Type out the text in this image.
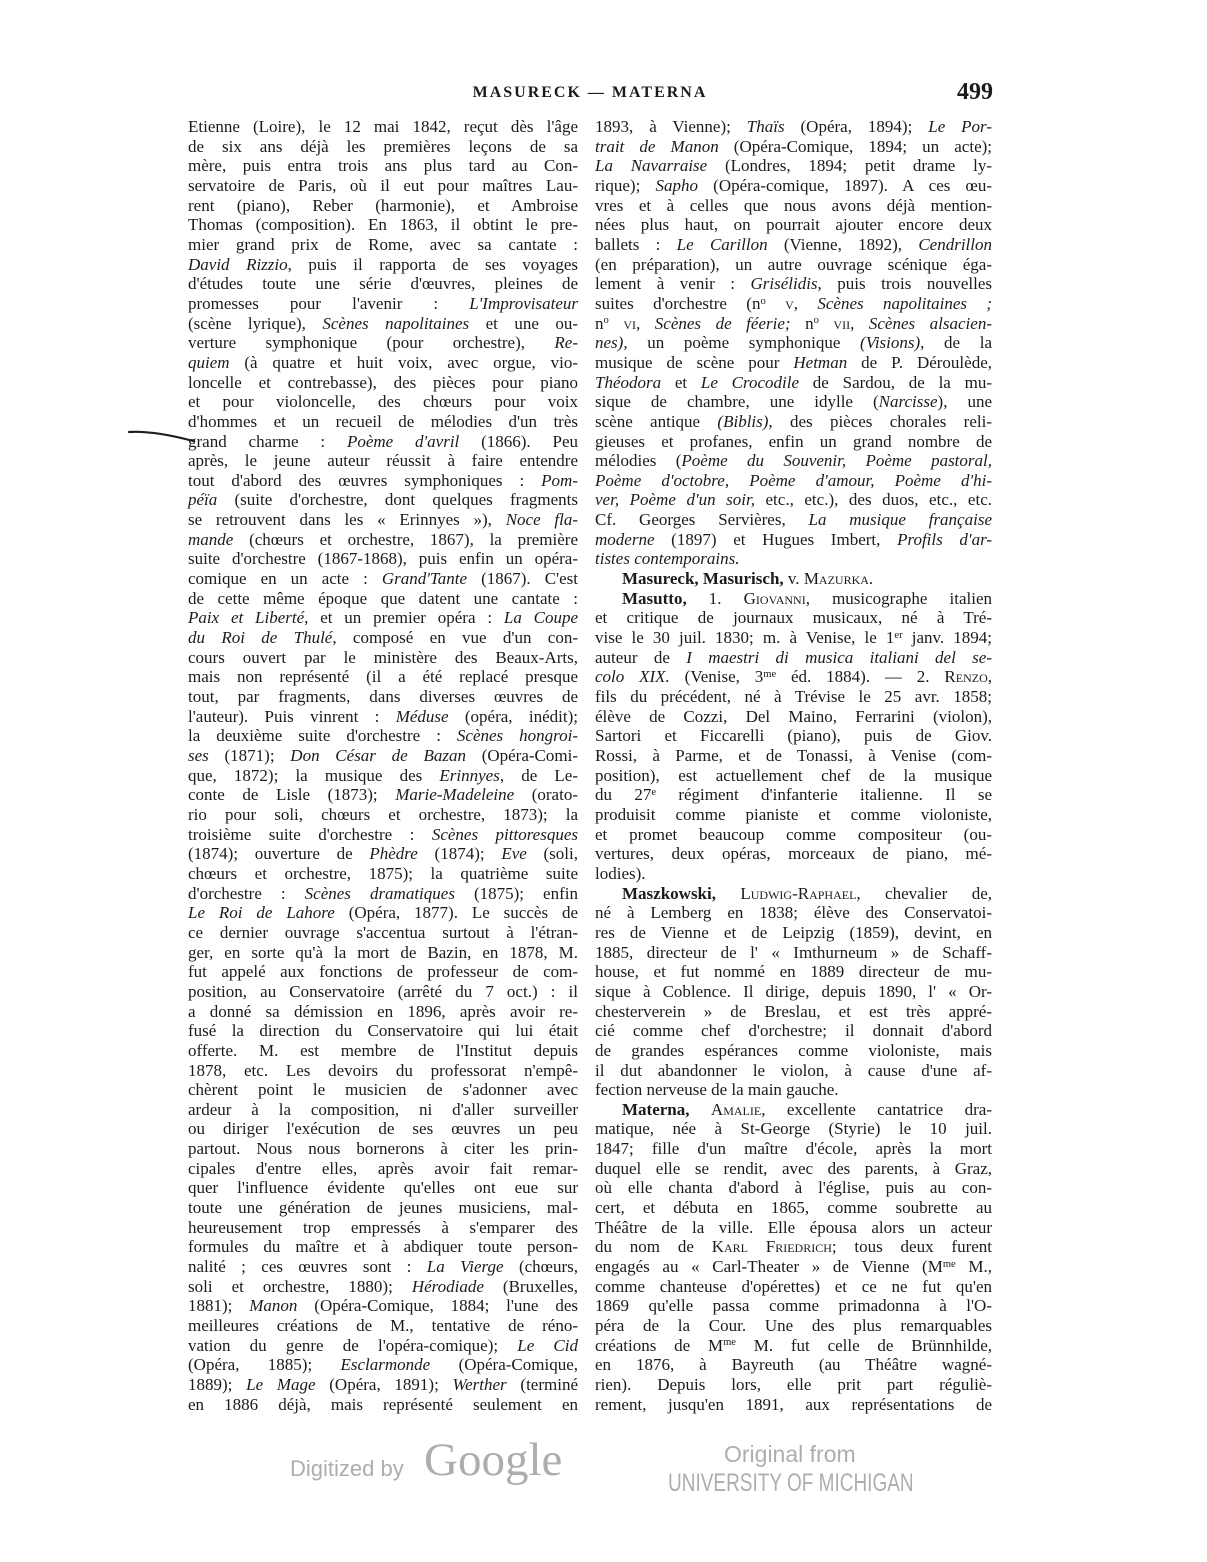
MASURECK — MATERNA	499
Etienne (Loire), le 12 mai 1842, reçut dès l'âge
de six ans déjà les premières leçons de sa
mère, puis entra trois ans plus tard au Con-
servatoire de Paris, où il eut pour maîtres Lau-
rent (piano), Reber (harmonie), et Ambroise
Thomas (composition). En 1863, il obtint le pre-
mier grand prix de Rome, avec sa cantate :
David Rizzio, puis il rapporta de ses voyages
d'études toute une série d'œuvres, pleines de
promesses pour l'avenir : L'Improvisateur
(scène lyrique), Scènes napolitaines et une ou-
verture symphonique (pour orchestre), Re-
quiem (à quatre et huit voix, avec orgue, vio-
loncelle et contrebasse), des pièces pour piano
et pour violoncelle, des chœurs pour voix
d'hommes et un recueil de mélodies d'un très
grand charme : Poème d'avril (1866). Peu
après, le jeune auteur réussit à faire entendre
tout d'abord des œuvres symphoniques : Pom-
péïa (suite d'orchestre, dont quelques fragments
se retrouvent dans les « Erinnyes »), Noce fla-
mande (chœurs et orchestre, 1867), la première
suite d'orchestre (1867-1868), puis enfin un opéra-
comique en un acte : Grand'Tante (1867). C'est
de cette même époque que datent une cantate :
Paix et Liberté, et un premier opéra : La Coupe
du Roi de Thulé, composé en vue d'un con-
cours ouvert par le ministère des Beaux-Arts,
mais non représenté (il a été replacé presque
tout, par fragments, dans diverses œuvres de
l'auteur). Puis vinrent : Méduse (opéra, inédit);
la deuxième suite d'orchestre : Scènes hongroi-
ses (1871); Don César de Bazan (Opéra-Comi-
que, 1872); la musique des Erinnyes, de Le-
conte de Lisle (1873); Marie-Madeleine (orato-
rio pour soli, chœurs et orchestre, 1873); la
troisième suite d'orchestre : Scènes pittoresques
(1874); ouverture de Phèdre (1874); Eve (soli,
chœurs et orchestre, 1875); la quatrième suite
d'orchestre : Scènes dramatiques (1875); enfin
Le Roi de Lahore (Opéra, 1877). Le succès de
ce dernier ouvrage s'accentua surtout à l'étran-
ger, en sorte qu'à la mort de Bazin, en 1878, M.
fut appelé aux fonctions de professeur de com-
position, au Conservatoire (arrêté du 7 oct.) : il
a donné sa démission en 1896, après avoir re-
fusé la direction du Conservatoire qui lui était
offerte. M. est membre de l'Institut depuis
1878, etc. Les devoirs du professorat n'empê-
chèrent point le musicien de s'adonner avec
ardeur à la composition, ni d'aller surveiller
ou diriger l'exécution de ses œuvres un peu
partout. Nous nous bornerons à citer les prin-
cipales d'entre elles, après avoir fait remar-
quer l'influence évidente qu'elles ont eue sur
toute une génération de jeunes musiciens, mal-
heureusement trop empressés à s'emparer des
formules du maître et à abdiquer toute person-
nalité ; ces œuvres sont : La Vierge (chœurs,
soli et orchestre, 1880); Hérodiade (Bruxelles,
1881); Manon (Opéra-Comique, 1884; l'une des
meilleures créations de M., tentative de réno-
vation du genre de l'opéra-comique); Le Cid
(Opéra, 1885); Esclarmonde (Opéra-Comique,
1889); Le Mage (Opéra, 1891); Werther (terminé
en 1886 déjà, mais représenté seulement en
1893, à Vienne); Thaïs (Opéra, 1894); Le Por-
trait de Manon (Opéra-Comique, 1894; un acte);
La Navarraise (Londres, 1894; petit drame ly-
rique); Sapho (Opéra-comique, 1897). A ces œu-
vres et à celles que nous avons déjà mention-
nées plus haut, on pourrait ajouter encore deux
ballets : Le Carillon (Vienne, 1892), Cendrillon
(en préparation), un autre ouvrage scénique éga-
lement à venir : Grisélidis, puis trois nouvelles
suites d'orchestre ($n^o$ v, Scènes napolitaines ;
$n^o$ vi, Scènes de féerie; $n^o$ vii, Scènes alsacien-
nes), un poème symphonique (Visions), de la
musique de scène pour Hetman de P. Déroulède,
Théodora et Le Crocodile de Sardou, de la mu-
sique de chambre, une idylle (Narcisse), une
scène antique (Biblis), des pièces chorales reli-
gieuses et profanes, enfin un grand nombre de
mélodies (Poème du Souvenir, Poème pastoral,
Poème d'octobre, Poème d'amour, Poème d'hi-
ver, Poème d'un soir, etc., etc.), des duos, etc., etc.
Cf. Georges Servières, La musique française
moderne (1897) et Hugues Imbert, Profils d'ar-
tistes contemporains.
Masureck, Masurisch, v. Mazurka.
Masutto, 1. Giovanni, musicographe italien
et critique de journaux musicaux, né à Tré-
vise le 30 juil. 1830; m. à Venise, le 1er janv. 1894;
auteur de I maestri di musica italiani del se-
colo XIX. (Venise, $3^{me}$ éd. 1884). — 2. Renzo,
fils du précédent, né à Trévise le 25 avr. 1858;
élève de Cozzi, Del Maino, Ferrarini (violon),
Sartori et Ficcarelli (piano), puis de Giov.
Rossi, à Parme, et de Tonassi, à Venise (com-
position), est actuellement chef de la musique
du 27e régiment d'infanterie italienne. Il se
produisit comme pianiste et comme violoniste,
et promet beaucoup comme compositeur (ou-
vertures, deux opéras, morceaux de piano, mé-
lodies).
Maszkowski, Ludwig-Raphael, chevalier de,
né à Lemberg en 1838; élève des Conservatoi-
res de Vienne et de Leipzig (1859), devint, en
1885, directeur de l' « Imthurneum » de Schaff-
house, et fut nommé en 1889 directeur de mu-
sique à Coblence. Il dirige, depuis 1890, l' « Or-
chesterverein » de Breslau, et est très appré-
cié comme chef d'orchestre; il donnait d'abord
de grandes espérances comme violoniste, mais
il dut abandonner le violon, à cause d'une af-
fection nerveuse de la main gauche.
Materna, Amalie, excellente cantatrice dra-
matique, née à St-George (Styrie) le 10 juil.
1847; fille d'un maître d'école, après la mort
duquel elle se rendit, avec des parents, à Graz,
où elle chanta d'abord à l'église, puis au con-
cert, et débuta en 1865, comme soubrette au
Théâtre de la ville. Elle épousa alors un acteur
du nom de Karl Friedrich; tous deux furent
engagés au « Carl-Theater » de Vienne ($M^{me}$ M.,
comme chanteuse d'opérettes) et ce ne fut qu'en
1869 qu'elle passa comme primadonna à l'O-
péra de la Cour. Une des plus remarquables
créations de $M^{me}$ M. fut celle de Brünnhilde,
en 1876, à Bayreuth (au Théâtre wagné-
rien). Depuis lors, elle prit part réguliè-
rement, jusqu'en 1891, aux représentations de
Digitized by Google	Original from
UNIVERSITY OF MICHIGAN
